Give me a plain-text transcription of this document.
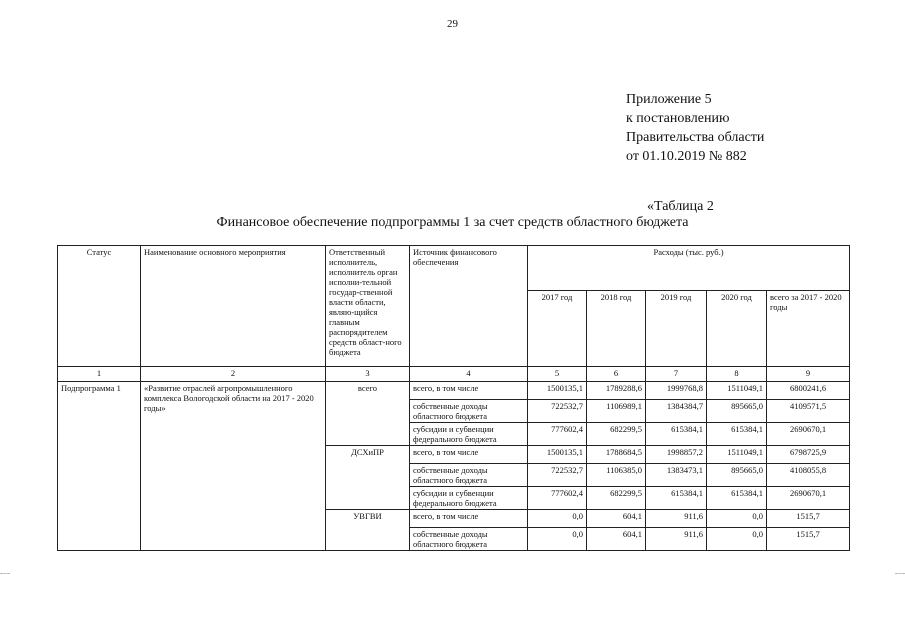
29
Приложение 5
к постановлению
Правительства области
от 01.10.2019 № 882
«Таблица 2
Финансовое обеспечение подпрограммы 1 за счет средств областного бюджета
Статус	Наименование основного мероприятия	Ответственный исполнитель, исполнитель орган исполни-тельной государ-ственной власти области, являю-щийся главным распорядителем средств област-ного бюджета	Источник финансового обеспечения	Расходы (тыс. руб.)				
				2017 год	2018 год	2019 год	2020 год	всего за 2017 - 2020 годы
1	2	3	4	5	6	7	8	9
Подпрограмма 1	«Развитие отраслей агропромышленного комплекса Вологодской области на 2017 - 2020 годы»	всего	всего, в том числе	1500135,1	1789288,6	1999768,8	1511049,1	6800241,6
			собственные доходы областного бюджета	722532,7	1106989,1	1384384,7	895665,0	4109571,5
			субсидии и субвенции федерального бюджета	777602,4	682299,5	615384,1	615384,1	2690670,1
		ДСХиПР	всего, в том числе	1500135,1	1788684,5	1998857,2	1511049,1	6798725,9
			собственные доходы областного бюджета	722532,7	1106385,0	1383473,1	895665,0	4108055,8
			субсидии и субвенции федерального бюджета	777602,4	682299,5	615384,1	615384,1	2690670,1
		УВГВИ	всего, в том числе	0,0	604,1	911,6	0,0	1515,7
			собственные доходы областного бюджета	0,0	604,1	911,6	0,0	1515,7
